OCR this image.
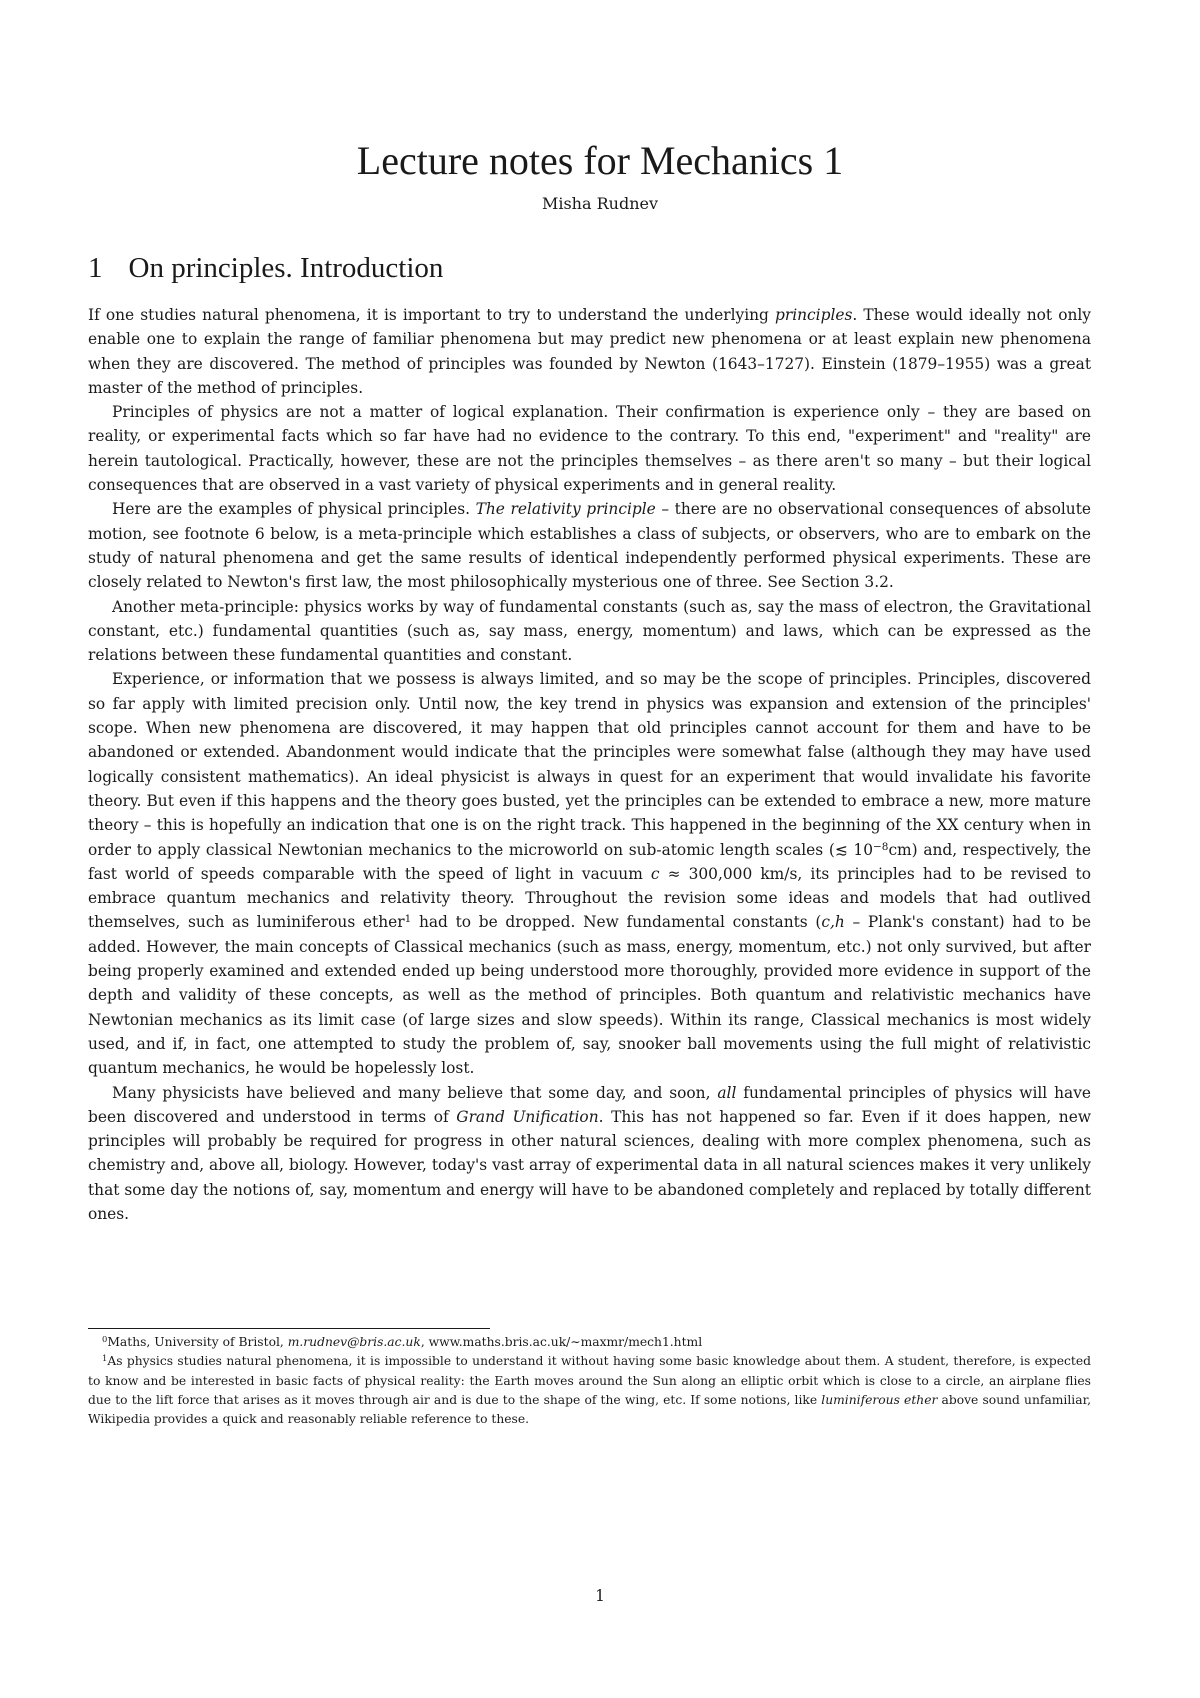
Lecture notes for Mechanics 1
Misha Rudnev
1 On principles. Introduction

If one studies natural phenomena, it is important to try to understand the underlying principles. These would ideally not only enable one to explain the range of familiar phenomena but may predict new phenomena or at least explain new phenomena when they are discovered. The method of principles was founded by Newton (1643–1727). Einstein (1879–1955) was a great master of the method of principles.

Principles of physics are not a matter of logical explanation. Their confirmation is experience only – they are based on reality, or experimental facts which so far have had no evidence to the contrary. To this end, "experiment" and "reality" are herein tautological. Practically, however, these are not the principles themselves – as there aren't so many – but their logical consequences that are observed in a vast variety of physical experiments and in general reality.

Here are the examples of physical principles. The relativity principle – there are no observational consequences of absolute motion, see footnote 6 below, is a meta-principle which establishes a class of subjects, or observers, who are to embark on the study of natural phenomena and get the same results of identical independently performed physical experiments. These are closely related to Newton's first law, the most philosophically mysterious one of three. See Section 3.2.

Another meta-principle: physics works by way of fundamental constants (such as, say the mass of electron, the Gravitational constant, etc.) fundamental quantities (such as, say mass, energy, momentum) and laws, which can be expressed as the relations between these fundamental quantities and constant.

Experience, or information that we possess is always limited, and so may be the scope of principles. Principles, discovered so far apply with limited precision only. Until now, the key trend in physics was expansion and extension of the principles' scope. When new phenomena are discovered, it may happen that old principles cannot account for them and have to be abandoned or extended. Abandonment would indicate that the principles were somewhat false (although they may have used logically consistent mathematics). An ideal physicist is always in quest for an experiment that would invalidate his favorite theory. But even if this happens and the theory goes busted, yet the principles can be extended to embrace a new, more mature theory – this is hopefully an indication that one is on the right track. This happened in the beginning of the XX century when in order to apply classical Newtonian mechanics to the microworld on sub-atomic length scales (≲ $10^{-8}cm$) and, respectively, the fast world of speeds comparable with the speed of light in vacuum c ≈ 300,000 km/s, its principles had to be revised to embrace quantum mechanics and relativity theory. Throughout the revision some ideas and models that had outlived themselves, such as luminiferous ether$^1$ had to be dropped. New fundamental constants (c,h – Plank's constant) had to be added. However, the main concepts of Classical mechanics (such as mass, energy, momentum, etc.) not only survived, but after being properly examined and extended ended up being understood more thoroughly, provided more evidence in support of the depth and validity of these concepts, as well as the method of principles. Both quantum and relativistic mechanics have Newtonian mechanics as its limit case (of large sizes and slow speeds). Within its range, Classical mechanics is most widely used, and if, in fact, one attempted to study the problem of, say, snooker ball movements using the full might of relativistic quantum mechanics, he would be hopelessly lost.

Many physicists have believed and many believe that some day, and soon, all fundamental principles of physics will have been discovered and understood in terms of Grand Unification. This has not happened so far. Even if it does happen, new principles will probably be required for progress in other natural sciences, dealing with more complex phenomena, such as chemistry and, above all, biology. However, today's vast array of experimental data in all natural sciences makes it very unlikely that some day the notions of, say, momentum and energy will have to be abandoned completely and replaced by totally different ones.

$^0$Maths, University of Bristol, m.rudnev@bris.ac.uk, www.maths.bris.ac.uk/∼maxmr/mech1.html

$^1$As physics studies natural phenomena, it is impossible to understand it without having some basic knowledge about them. A student, therefore, is expected to know and be interested in basic facts of physical reality: the Earth moves around the Sun along an elliptic orbit which is close to a circle, an airplane flies due to the lift force that arises as it moves through air and is due to the shape of the wing, etc. If some notions, like luminiferous ether above sound unfamiliar, Wikipedia provides a quick and reasonably reliable reference to these.

1
